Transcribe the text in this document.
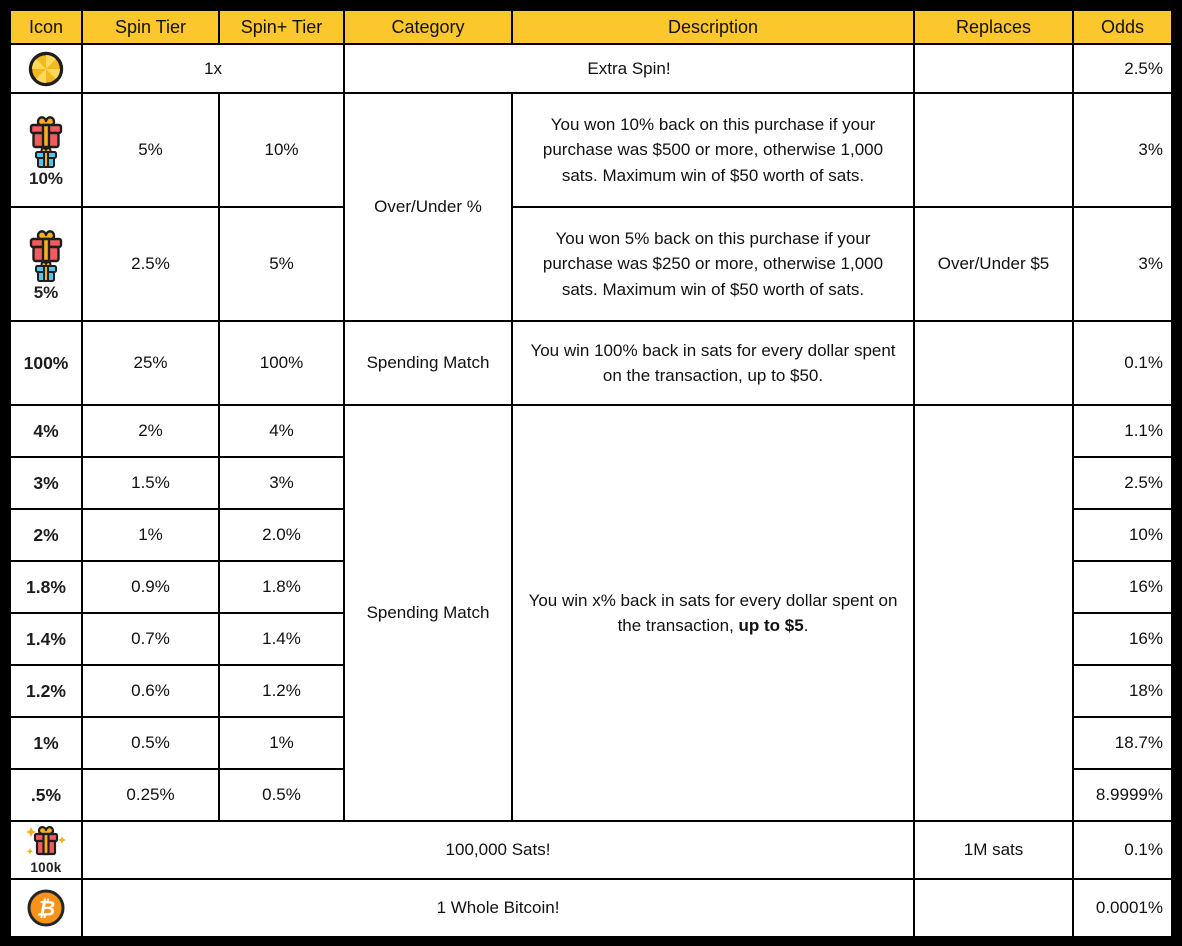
Icon	Spin Tier	Spin+ Tier	Category	Description	Replaces	Odds

	1x		Extra Spin!			2.5%

10%	5%	10%	Over/Under %	You won 10% back on this purchase if your purchase was $500 or more, otherwise 1,000 sats. Maximum win of $50 worth of sats.		3%

5%	2.5%	5%		You won 5% back on this purchase if your purchase was $250 or more, otherwise 1,000 sats. Maximum win of $50 worth of sats.	Over/Under $5	3%
100%	25%	100%	Spending Match	You win 100% back in sats for every dollar spent on the transaction, up to $50.		0.1%
4%	2%	4%	Spending Match	You win x% back in sats for every dollar spent on the transaction, up to $5.		1.1%
3%	1.5%	3%				2.5%
2%	1%	2.0%				10%
1.8%	0.9%	1.8%				16%
1.4%	0.7%	1.4%				16%
1.2%	0.6%	1.2%				18%
1%	0.5%	1%				18.7%
.5%	0.25%	0.5%				8.9999%

100k	100,000 Sats!				1M sats	0.1%

₿	1 Whole Bitcoin!					0.0001%
